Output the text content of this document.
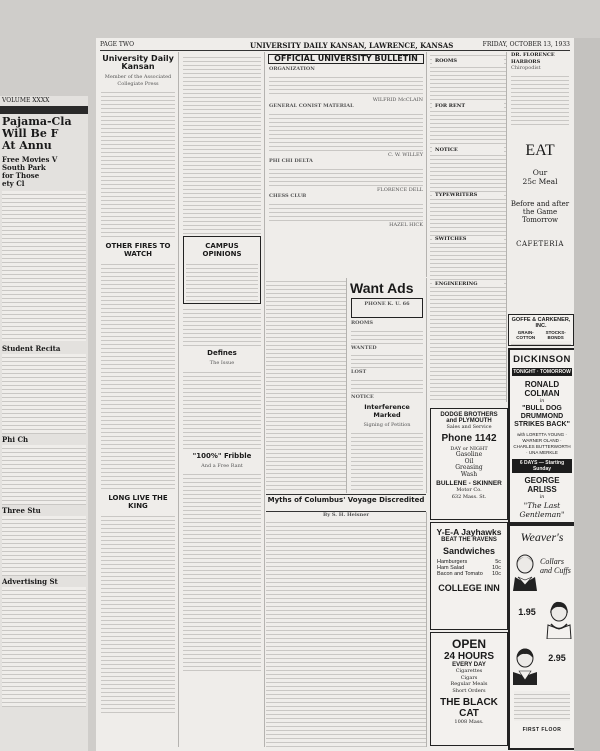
VOLUME XXXX
Pajama-Cla
Will Be F
At Annu
Free Movies V
South Park
for Those
ety Cl
Student Recita
Phi Ch
Three Stu
Advertising St
PAGE TWO	UNIVERSITY DAILY KANSAN, LAWRENCE, KANSAS	FRIDAY, OCTOBER 13, 1933
University Daily Kansan
Member of the Associated Collegiate Press
OTHER FIRES TO WATCH
LONG LIVE THE KING
CAMPUS OPINIONS
Defines
The Issue
"100%" Fribble
And a Free Rant
OFFICIAL UNIVERSITY BULLETIN
ORGANIZATION
WILFRID McCLAIN
GENERAL CONIST MATERIAL
C. W. WILLEY
PHI CHI DELTA
FLORENCE DELL
CHESS CLUB
HAZEL HICK
Want Ads
PHONE K. U. 66
ROOMS
WANTED
LOST
NOTICE
Interference Marked
Signing of Petition
Myths of Columbus' Voyage Discredited
By S. H. Heisner
DODGE BROTHERS
and PLYMOUTH
Sales and Service
Phone 1142
DAY or NIGHT
Gasoline
Oil
Greasing
Wash
BULLENE - SKINNER
Motor Co.
632 Mass. St.
Y-E-A Jayhawks
BEAT THE RAVENS
Sandwiches
Hamburgers	5c
Ham Salad	10c
Bacon and Tomato 10c
COLLEGE INN
OPEN
24 HOURS
EVERY DAY
Cigarettes
Cigars
Regular Meals
Short Orders
THE BLACK CAT
1008 Mass.
DR. FLORENCE HARBORS
Chiropodist
ROOMS
FOR RENT
NOTICE
TYPEWRITERS
SWITCHES
ENGINEERING
EAT
Our
25c Meal
Before and after
the Game
Tomorrow
CAFETERIA
GOFFE & CARKENER, INC.
GRAIN-COTTON
STOCKS-BONDS
DICKINSON
TONIGHT · TOMORROW
RONALD COLMAN
in
"BULL DOG DRUMMOND STRIKES BACK"
with LORETTA YOUNG · WARNER OLAND · CHARLES BUTTERWORTH · UNA MERKLE
6 DAYS — Starting Sunday
GEORGE ARLISS
in
"The Last Gentleman"
Weaver's
Collars
and Cuffs
1.95
2.95
FIRST FLOOR
